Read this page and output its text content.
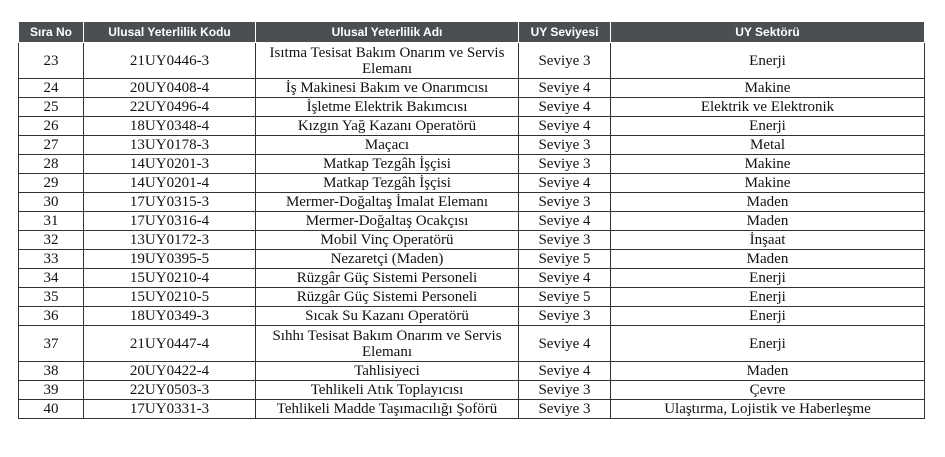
Sıra No	Ulusal Yeterlilik Kodu	Ulusal Yeterlilik Adı	UY Seviyesi	UY Sektörü
23	21UY0446-3	Isıtma Tesisat Bakım Onarım ve Servis Elemanı	Seviye 3	Enerji
24	20UY0408-4	İş Makinesi Bakım ve Onarımcısı	Seviye 4	Makine
25	22UY0496-4	İşletme Elektrik Bakımcısı	Seviye 4	Elektrik ve Elektronik
26	18UY0348-4	Kızgın Yağ Kazanı Operatörü	Seviye 4	Enerji
27	13UY0178-3	Maçacı	Seviye 3	Metal
28	14UY0201-3	Matkap Tezgâh İşçisi	Seviye 3	Makine
29	14UY0201-4	Matkap Tezgâh İşçisi	Seviye 4	Makine
30	17UY0315-3	Mermer-Doğaltaş İmalat Elemanı	Seviye 3	Maden
31	17UY0316-4	Mermer-Doğaltaş Ocakçısı	Seviye 4	Maden
32	13UY0172-3	Mobil Vinç Operatörü	Seviye 3	İnşaat
33	19UY0395-5	Nezaretçi (Maden)	Seviye 5	Maden
34	15UY0210-4	Rüzgâr Güç Sistemi Personeli	Seviye 4	Enerji
35	15UY0210-5	Rüzgâr Güç Sistemi Personeli	Seviye 5	Enerji
36	18UY0349-3	Sıcak Su Kazanı Operatörü	Seviye 3	Enerji
37	21UY0447-4	Sıhhı Tesisat Bakım Onarım ve Servis Elemanı	Seviye 4	Enerji
38	20UY0422-4	Tahlisiyeci	Seviye 4	Maden
39	22UY0503-3	Tehlikeli Atık Toplayıcısı	Seviye 3	Çevre
40	17UY0331-3	Tehlikeli Madde Taşımacılığı Şoförü	Seviye 3	Ulaştırma, Lojistik ve Haberleşme
